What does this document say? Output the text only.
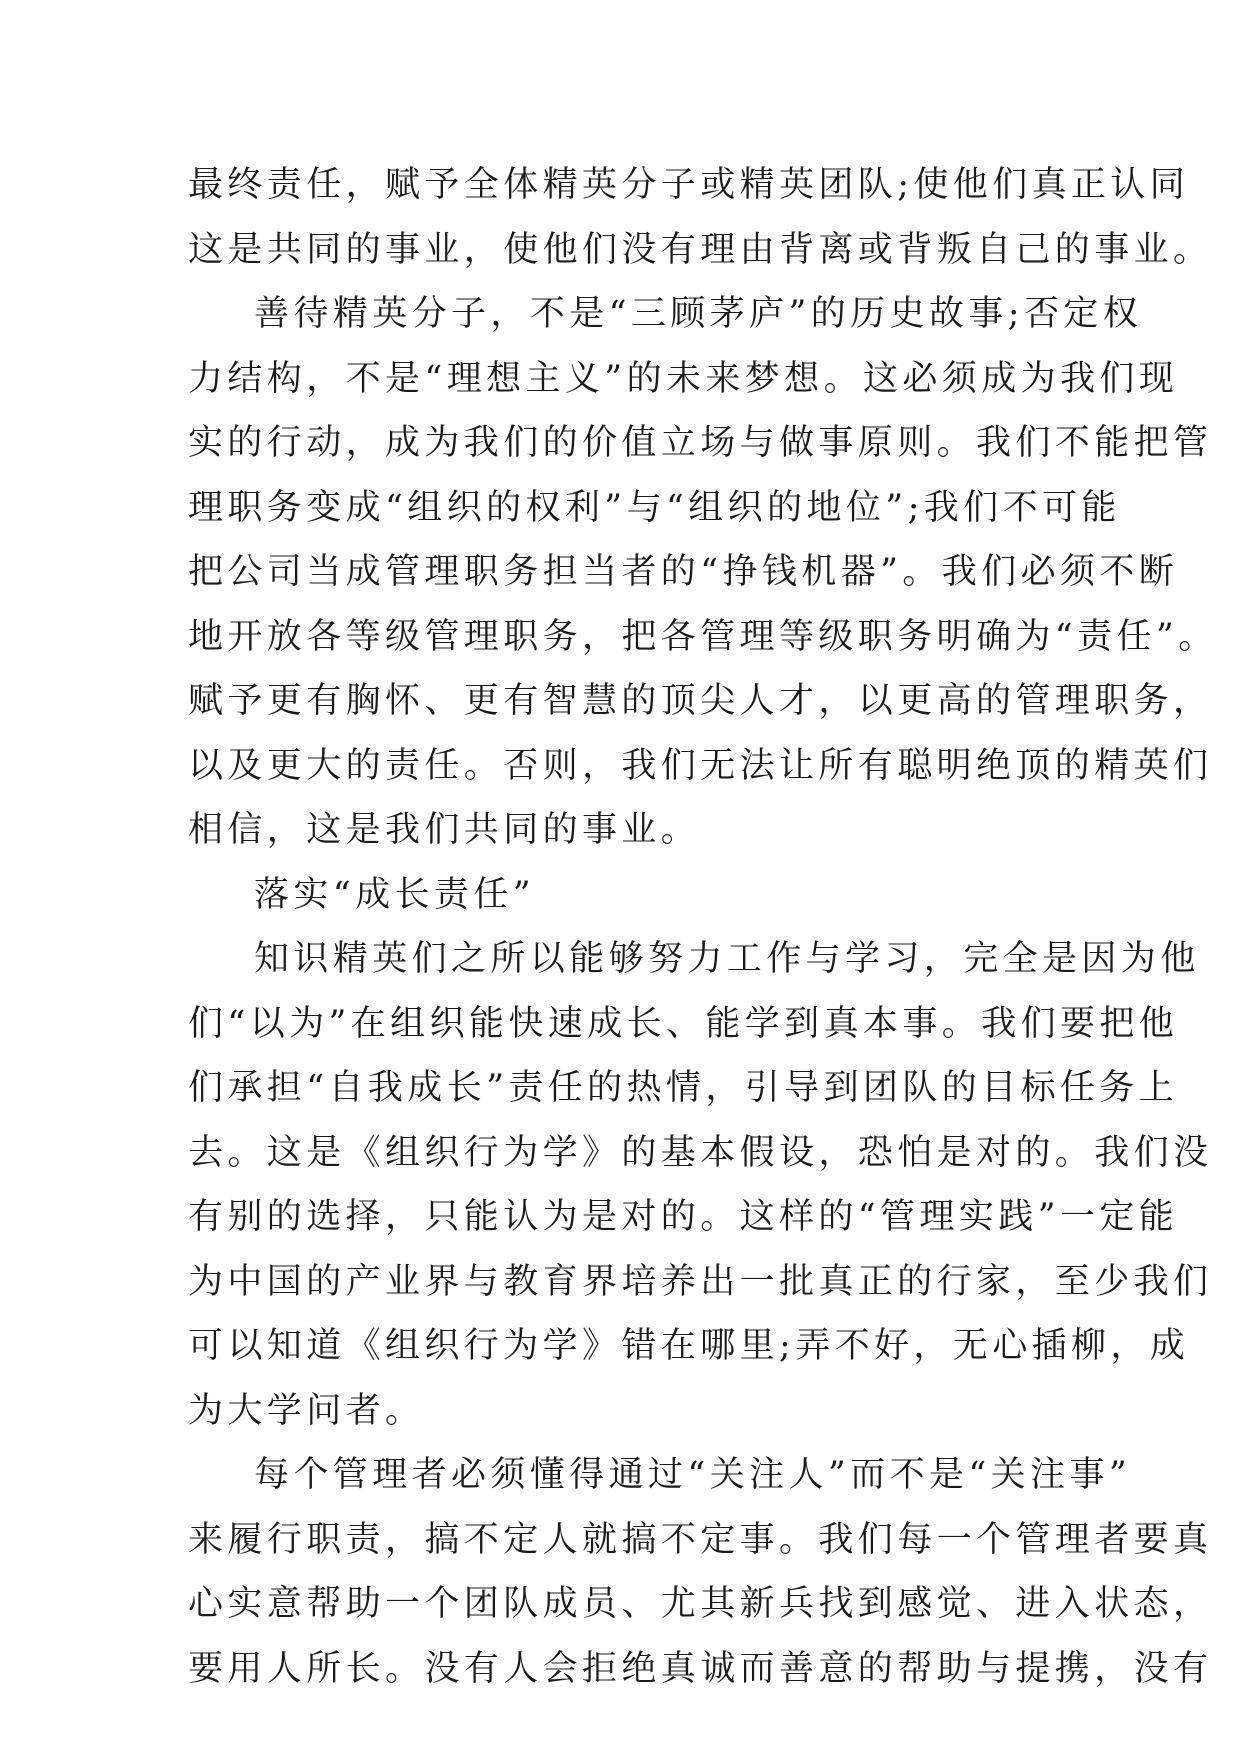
最终责任，赋予全体精英分子或精英团队;使他们真正认同
这是共同的事业，使他们没有理由背离或背叛自己的事业。
善待精英分子，不是“三顾茅庐”的历史故事;否定权
力结构，不是“理想主义”的未来梦想。这必须成为我们现
实的行动，成为我们的价值立场与做事原则。我们不能把管
理职务变成“组织的权利”与“组织的地位”;我们不可能
把公司当成管理职务担当者的“挣钱机器”。我们必须不断
地开放各等级管理职务，把各管理等级职务明确为“责任”。
赋予更有胸怀、更有智慧的顶尖人才，以更高的管理职务，
以及更大的责任。否则，我们无法让所有聪明绝顶的精英们
相信，这是我们共同的事业。
落实“成长责任”
知识精英们之所以能够努力工作与学习，完全是因为他
们“以为”在组织能快速成长、能学到真本事。我们要把他
们承担“自我成长”责任的热情，引导到团队的目标任务上
去。这是《组织行为学》的基本假设，恐怕是对的。我们没
有别的选择，只能认为是对的。这样的“管理实践”一定能
为中国的产业界与教育界培养出一批真正的行家，至少我们
可以知道《组织行为学》错在哪里;弄不好，无心插柳，成
为大学问者。
每个管理者必须懂得通过“关注人”而不是“关注事”
来履行职责，搞不定人就搞不定事。我们每一个管理者要真
心实意帮助一个团队成员、尤其新兵找到感觉、进入状态，
要用人所长。没有人会拒绝真诚而善意的帮助与提携，没有
